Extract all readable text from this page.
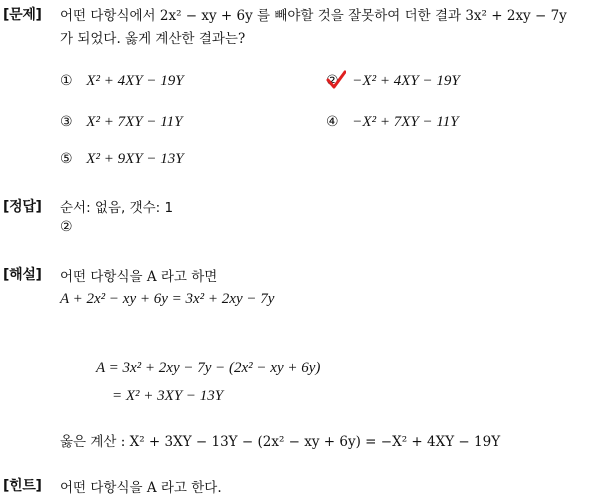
[문제] 어떤 다항식에서 2x² − xy + 6y 를 빼야할 것을 잘못하여 더한 결과 3x² + 2xy − 7y
가 되었다. 옳게 계산한 결과는?
① X² + 4XY − 19Y	② −X² + 4XY − 19Y
③ X² + 7XY − 11Y	④ −X² + 7XY − 11Y
⑤ X² + 9XY − 13Y
[정답] 순서: 없음, 갯수: 1
②
[해설] 어떤 다항식을 A 라고 하면
A + 2x² − xy + 6y = 3x² + 2xy − 7y
A = 3x² + 2xy − 7y − (2x² − xy + 6y)
= X² + 3XY − 13Y
옳은 계산 : X² + 3XY − 13Y − (2x² − xy + 6y) = −X² + 4XY − 19Y
[힌트] 어떤 다항식을 A 라고 한다.
